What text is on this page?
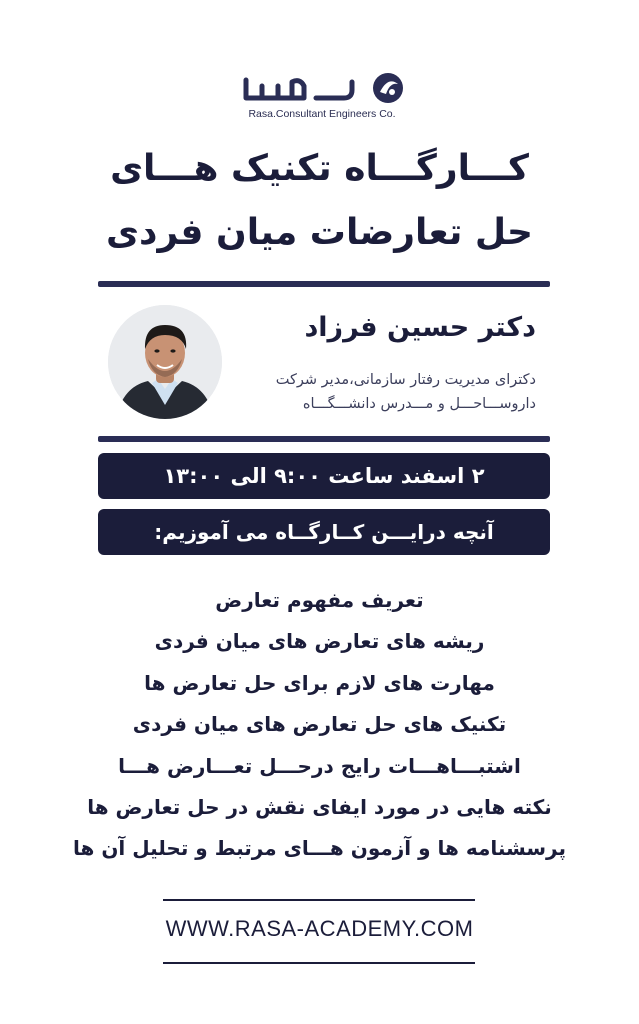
Rasa.Consultant Engineers Co.
کـــارگـــاه تکنیک هـــای
حل تعارضات میان فردی
دکتر حسین فرزاد
دکترای مدیریت رفتار سازمانی،مدیر شرکت
داروســـاحـــل و مـــدرس دانشـــگـــاه
۲ اسفند ساعت ۹:۰۰ الی ۱۳:۰۰
آنچه درایـــن کــارگــاه می آموزیم:
تعریف مفهوم تعارض
ریشه های تعارض های میان فردی
مهارت های لازم برای حل تعارض ها
تکنیک های حل تعارض های میان فردی
اشتبـــاهـــات رایج درحـــل تعـــارض هـــا
نکته هایی در مورد ایفای نقش در حل تعارض ها
پرسشنامه ها و آزمون هـــای مرتبط و تحلیل آن ها
WWW.RASA-ACADEMY.COM
